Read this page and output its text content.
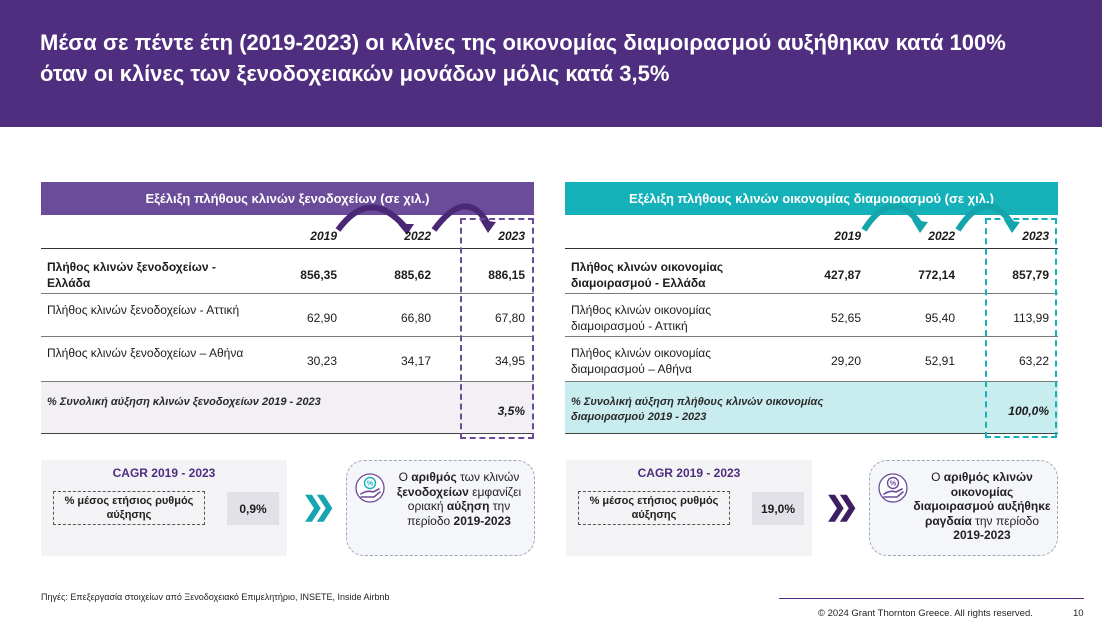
Μέσα σε πέντε έτη (2019-2023) οι κλίνες της οικονομίας διαμοιρασμού αυξήθηκαν κατά 100% όταν οι κλίνες των ξενοδοχειακών μονάδων μόλις κατά 3,5%
Εξέλιξη πλήθους κλινών ξενοδοχείων (σε χιλ.)
2019	2022	2023
Πλήθος κλινών ξενοδοχείων - Ελλάδα
856,35	885,62	886,15
Πλήθος κλινών ξενοδοχείων - Αττική
62,90	66,80	67,80
Πλήθος κλινών ξενοδοχείων – Αθήνα
30,23	34,17	34,95
% Συνολική αύξηση κλινών ξενοδοχείων 2019 - 2023
3,5%
Εξέλιξη πλήθους κλινών οικονομίας διαμοιρασμού (σε χιλ.)
2019	2022	2023
Πλήθος κλινών οικονομίας διαμοιρασμού - Ελλάδα
427,87	772,14	857,79
Πλήθος κλινών οικονομίας διαμοιρασμού - Αττική
52,65	95,40	113,99
Πλήθος κλινών οικονομίας διαμοιρασμού – Αθήνα
29,20	52,91	63,22
% Συνολική αύξηση πλήθους κλινών οικονομίας διαμοιρασμού 2019 - 2023	100,0%
CAGR 2019 - 2023
% μέσος ετήσιος ρυθμός αύξησης	0,9%	❯❯
%
Ο αριθμός των κλινών ξενοδοχείων εμφανίζει οριακή αύξηση την περίοδο 2019-2023
CAGR 2019 - 2023
% μέσος ετήσιος ρυθμός αύξησης	19,0%	❯❯
%
Ο αριθμός κλινών οικονομίας διαμοιρασμού αυξήθηκε ραγδαία την περίοδο 2019-2023
Πηγές: Επεξεργασία στοιχείων από Ξενοδοχειακό Επιμελητήριο, INSETE, Inside Airbnb
© 2024 Grant Thornton Greece. All rights reserved.	10
